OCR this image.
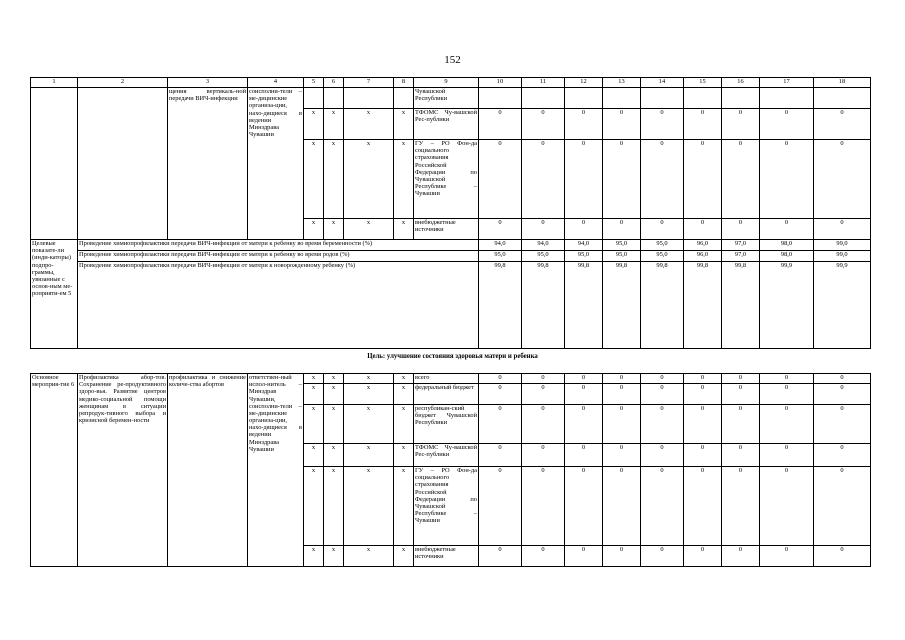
152
1	2	3	4	5	6	7	8	9	10	11	12	13	14	15	16	17	18
		щения вертикаль-ной передачи ВИЧ-инфекции	соисполни-тели – ме-дицинские организа-ции, нахо-дящиеся в ведении Минздрава Чувашии					Чувашской Республики									
				х	х	х	х	ТФОМС Чу-вашской Рес-публики	0	0	0	0	0	0	0	0	0
				х	х	х	х	ГУ – РО Фон-да социального страхования Российской Федерации по Чувашской Республике – Чувашии	0	0	0	0	0	0	0	0	0
				х	х	х	х	внебюджетные источники	0	0	0	0	0	0	0	0	0
Целевые показате-ли (инди-каторы) подпро-граммы, увязанные с основ-ным ме-роприяти-ем 5	Проведение химиопрофилактики передачи ВИЧ-инфекции от матери к ребенку во время беременности (%)								94,0	94,0	94,0	95,0	95,0	96,0	97,0	98,0	99,0
	Проведение химиопрофилактики передачи ВИЧ-инфекции от матери к ребенку во время родов (%)								95,0	95,0	95,0	95,0	95,0	96,0	97,0	98,0	99,0
	Проведение химиопрофилактики передачи ВИЧ-инфекции от матери к новорожденному ребенку (%)								99,8	99,8	99,8	99,8	99,8	99,8	99,8	99,9	99,9
Цель: улучшение состояния здоровья матери и ребенка
Основное мероприя-тие 6	Профилактика абор-тов. Сохранение ре-продуктивного здоро-вья. Развитие центров медико-социальной помощи женщинам в ситуации репродук-тивного выбора и кризисной беремен-ности	профилактика и снижение количе-ства абортов	ответствен-ный испол-нитель – Минздрав Чувашии, соисполни-тели – ме-дицинские организа-ции, нахо-дящиеся в ведении Минздрава Чувашии	х	х	х	х	всего	0	0	0	0	0	0	0	0	0
				х	х	х	х	федеральный бюджет	0	0	0	0	0	0	0	0	0
				х	х	х	х	республикан-ский бюджет Чувашской Республики	0	0	0	0	0	0	0	0	0
				х	х	х	х	ТФОМС Чу-вашской Рес-публики	0	0	0	0	0	0	0	0	0
				х	х	х	х	ГУ – РО Фон-да социального страхования Российской Федерации по Чувашской Республике – Чувашии	0	0	0	0	0	0	0	0	0
				х	х	х	х	внебюджетные источники	0	0	0	0	0	0	0	0	0
